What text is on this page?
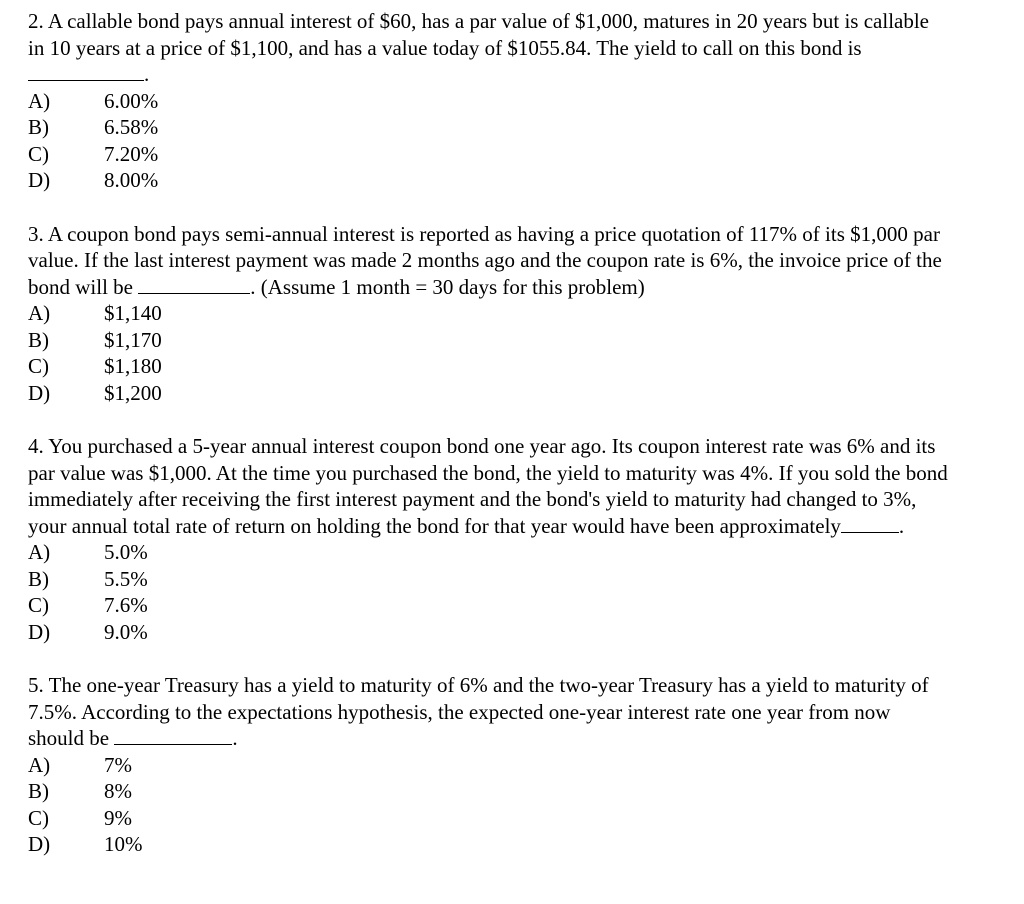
2. A callable bond pays annual interest of $60, has a par value of $1,000, matures in 20 years but is callable in 10 years at a price of $1,100, and has a value today of $1055.84. The yield to call on this bond is .

A)	6.00%
B)	6.58%
C)	7.20%
D)	8.00%

3. A coupon bond pays semi-annual interest is reported as having a price quotation of 117% of its $1,000 par value. If the last interest payment was made 2 months ago and the coupon rate is 6%, the invoice price of the bond will be	. (Assume 1 month = 30 days for this problem)

A)	$1,140
B)	$1,170
C)	$1,180
D)	$1,200

4. You purchased a 5-year annual interest coupon bond one year ago. Its coupon interest rate was 6% and its par value was $1,000. At the time you purchased the bond, the yield to maturity was 4%. If you sold the bond immediately after receiving the first interest payment and the bond's yield to maturity had changed to 3%, your annual total rate of return on holding the bond for that year would have been approximately	.

A)	5.0%
B)	5.5%
C)	7.6%
D)	9.0%

5. The one-year Treasury has a yield to maturity of 6% and the two-year Treasury has a yield to maturity of 7.5%. According to the expectations hypothesis, the expected one-year interest rate one year from now should be	.

A)	7%
B)	8%
C)	9%
D)	10%
